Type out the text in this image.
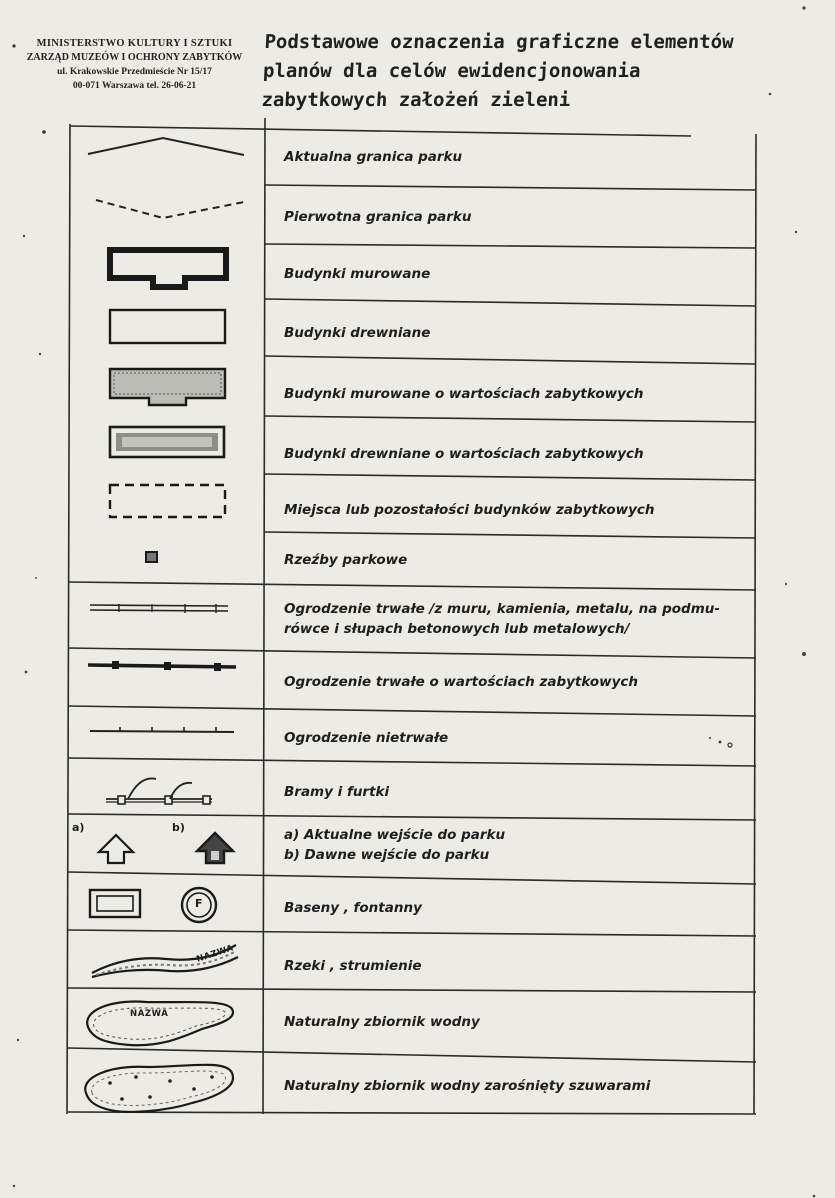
MINISTERSTWO KULTURY I SZTUKI
ZARZĄD MUZEÓW I OCHRONY ZABYTKÓW
ul. Krakowskie Przedmieście Nr 15/17
00-071 Warszawa tel. 26-06-21
Podstawowe oznaczenia graficzne elementów
planów dla celów ewidencjonowania
zabytkowych założeń zieleni
Aktualna granica parku
Pierwotna granica parku
Budynki murowane
Budynki drewniane
Budynki murowane o wartościach zabytkowych
Budynki drewniane o wartościach zabytkowych
Miejsca lub pozostałości budynków zabytkowych
Rzeźby parkowe
Ogrodzenie trwałe /z muru, kamienia, metalu, na podmu-
rówce i słupach betonowych lub metalowych/
Ogrodzenie trwałe o wartościach zabytkowych
Ogrodzenie nietrwałe
Bramy i furtki
a)	b)	a) Aktualne wejście do parku
b) Dawne wejście do parku
F	Baseny , fontanny
NAZWA
Rzeki , strumienie
NAZWA	Naturalny zbiornik wodny
Naturalny zbiornik wodny zarośnięty szuwarami
